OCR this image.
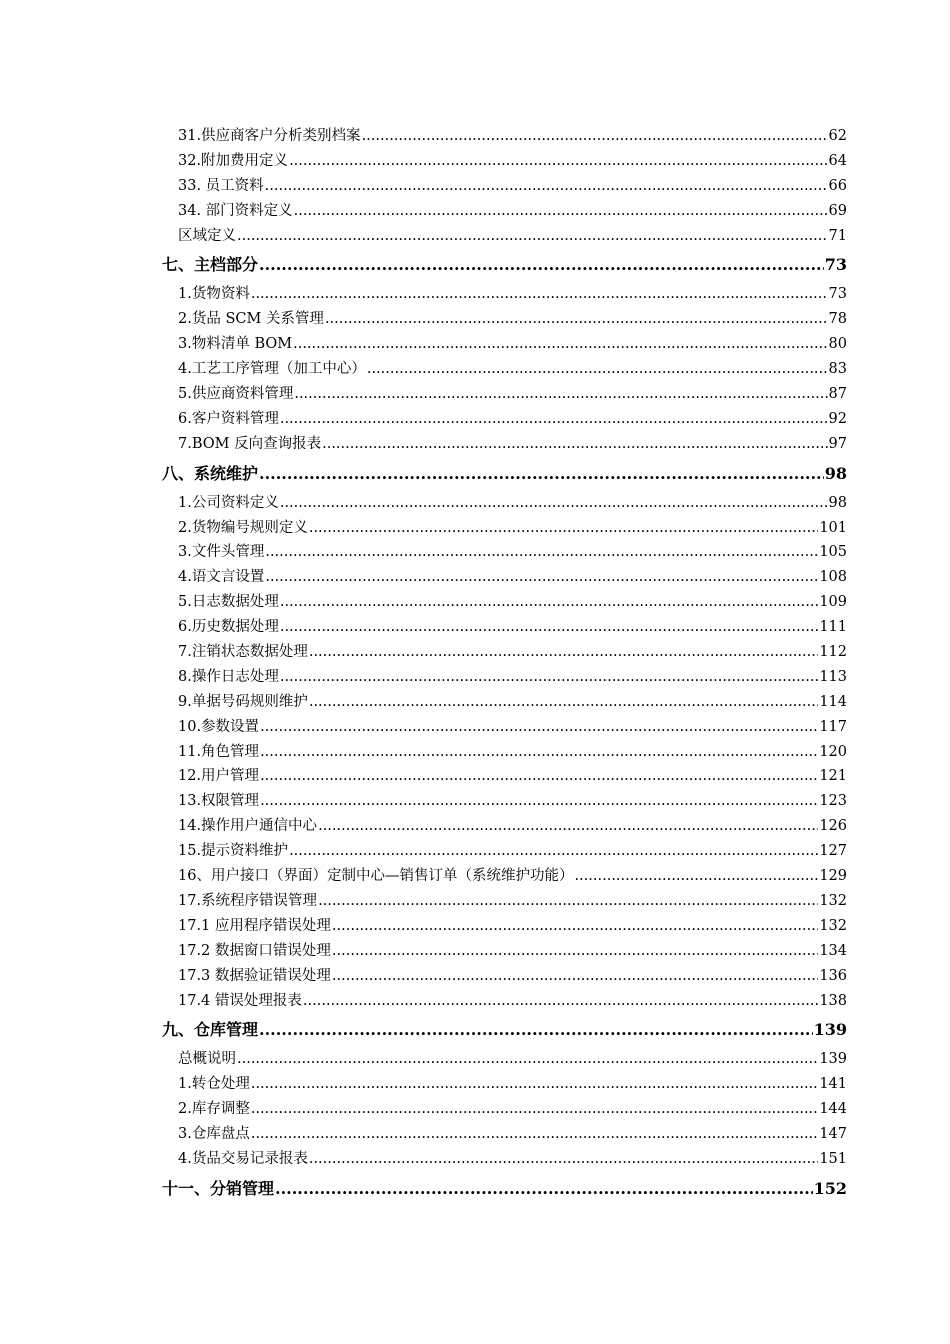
31.供应商客户分析类别档案 .....	62
32.附加费用定义 .....	64
33. 员工资料 .....	66
34. 部门资料定义 .....	69
区域定义 .....	71
七、主档部分 .....	73
1.货物资料 .....	73
2.货品 SCM 关系管理 .....	78
3.物料清单 BOM .....	80
4.工艺工序管理（加工中心） .....	83
5.供应商资料管理 .....	87
6.客户资料管理 .....	92
7.BOM 反向查询报表 .....	97
八、系统维护 .....	98
1.公司资料定义 .....	98
2.货物编号规则定义 .....	101
3.文件头管理 .....	105
4.语文言设置 .....	108
5.日志数据处理 .....	109
6.历史数据处理 .....	111
7.注销状态数据处理 .....	112
8.操作日志处理 .....	113
9.单据号码规则维护 .....	114
10.参数设置 .....	117
11.角色管理 .....	120
12.用户管理 .....	121
13.权限管理 .....	123
14.操作用户通信中心 .....	126
15.提示资料维护 .....	127
16、用户接口（界面）定制中心—销售订单（系统维护功能） .....	129
17.系统程序错误管理 .....	132
17.1 应用程序错误处理 .....	132
17.2 数据窗口错误处理 .....	134
17.3 数据验证错误处理 .....	136
17.4 错误处理报表 .....	138
九、仓库管理 .....	139
总概说明 .....	139
1.转仓处理 .....	141
2.库存调整 .....	144
3.仓库盘点 .....	147
4.货品交易记录报表 .....	151
十一、分销管理 .....	152
